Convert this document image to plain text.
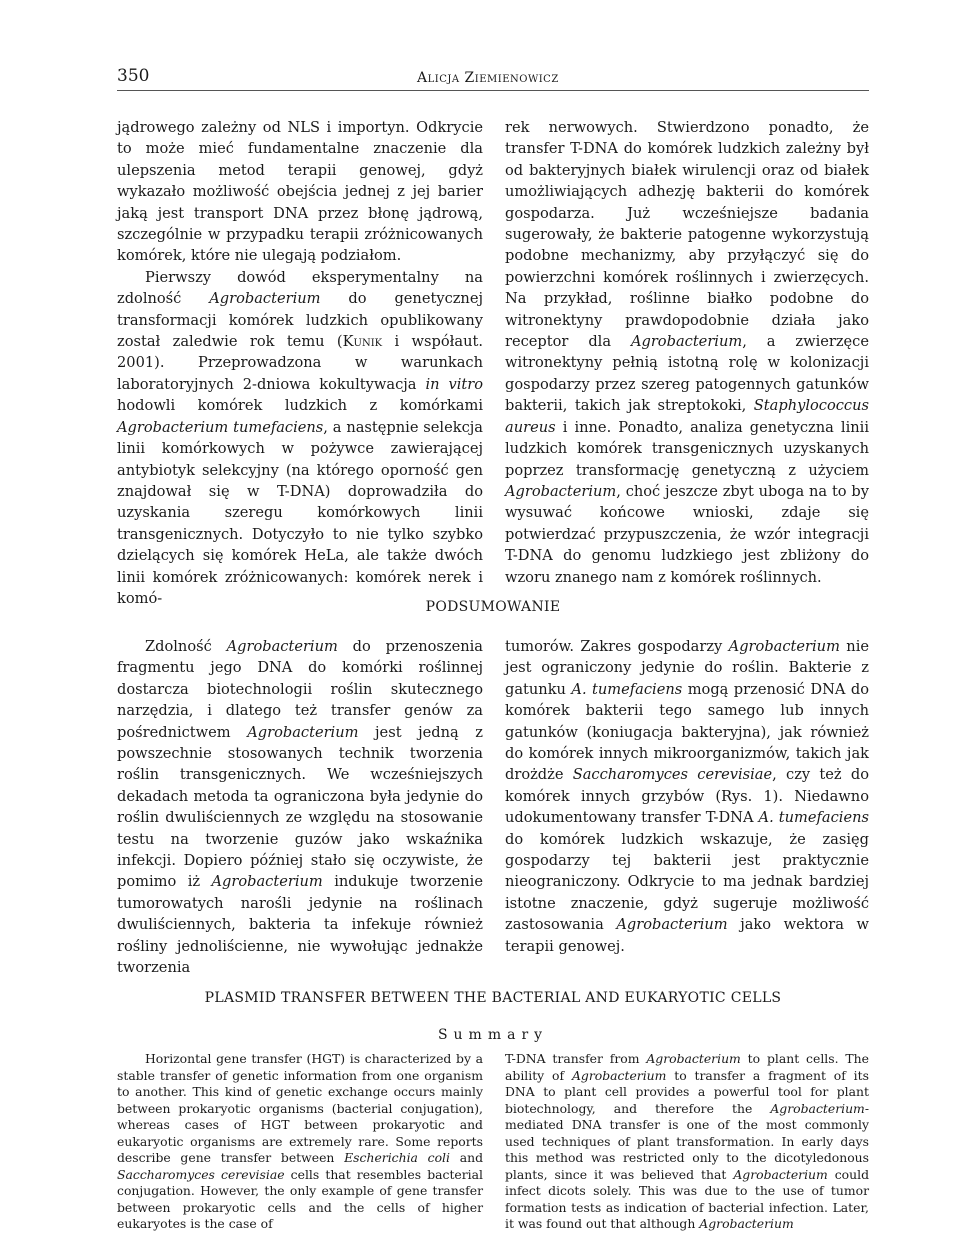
350	Alicja Ziemienowicz

jądrowego zależny od NLS i importyn. Odkrycie to może mieć fundamentalne znaczenie dla ulepszenia metod terapii genowej, gdyż wykazało możliwość obejścia jednej z jej barier jaką jest transport DNA przez błonę jądrową, szczególnie w przypadku terapii zróżnicowanych komórek, które nie ulegają podziałom.

Pierwszy dowód eksperymentalny na zdolność Agrobacterium do genetycznej transformacji komórek ludzkich opublikowany został zaledwie rok temu (Kunik i współaut. 2001). Przeprowadzona w warunkach laboratoryjnych 2-dniowa kokultywacja in vitro hodowli komórek ludzkich z komórkami Agrobacterium tumefaciens, a następnie selekcja linii komórkowych w pożywce zawierającej antybiotyk selekcyjny (na którego oporność gen znajdował się w T-DNA) doprowadziła do uzyskania szeregu komórkowych linii transgenicznych. Dotyczyło to nie tylko szybko dzielących się komórek HeLa, ale także dwóch linii komórek zróżnicowanych: komórek nerek i komó-

rek nerwowych. Stwierdzono ponadto, że transfer T-DNA do komórek ludzkich zależny był od bakteryjnych białek wirulencji oraz od białek umożliwiających adhezję bakterii do komórek gospodarza. Już wcześniejsze badania sugerowały, że bakterie patogenne wykorzystują podobne mechanizmy, aby przyłączyć się do powierzchni komórek roślinnych i zwierzęcych. Na przykład, roślinne białko podobne do witronektyny prawdopodobnie działa jako receptor dla Agrobacterium, a zwierzęce witronektyny pełnią istotną rolę w kolonizacji gospodarzy przez szereg patogennych gatunków bakterii, takich jak streptokoki, Staphylococcus aureus i inne. Ponadto, analiza genetyczna linii ludzkich komórek transgenicznych uzyskanych poprzez transformację genetyczną z użyciem Agrobacterium, choć jeszcze zbyt uboga na to by wysuwać końcowe wnioski, zdaje się potwierdzać przypuszczenia, że wzór integracji T-DNA do genomu ludzkiego jest zbliżony do wzoru znanego nam z komórek roślinnych.

PODSUMOWANIE

Zdolność Agrobacterium do przenoszenia fragmentu jego DNA do komórki roślinnej dostarcza biotechnologii roślin skutecznego narzędzia, i dlatego też transfer genów za pośrednictwem Agrobacterium jest jedną z powszechnie stosowanych technik tworzenia roślin transgenicznych. We wcześniejszych dekadach metoda ta ograniczona była jedynie do roślin dwuliściennych ze względu na stosowanie testu na tworzenie guzów jako wskaźnika infekcji. Dopiero później stało się oczywiste, że pomimo iż Agrobacterium indukuje tworzenie tumorowatych narośli jedynie na roślinach dwuliściennych, bakteria ta infekuje również rośliny jednoliścienne, nie wywołując jednakże tworzenia

tumorów. Zakres gospodarzy Agrobacterium nie jest ograniczony jedynie do roślin. Bakterie z gatunku A. tumefaciens mogą przenosić DNA do komórek bakterii tego samego lub innych gatunków (koniugacja bakteryjna), jak również do komórek innych mikroorganizmów, takich jak drożdże Saccharomyces cerevisiae, czy też do komórek innych grzybów (Rys. 1). Niedawno udokumentowany transfer T-DNA A. tumefaciens do komórek ludzkich wskazuje, że zasięg gospodarzy tej bakterii jest praktycznie nieograniczony. Odkrycie to ma jednak bardziej istotne znaczenie, gdyż sugeruje możliwość zastosowania Agrobacterium jako wektora w terapii genowej.

PLASMID TRANSFER BETWEEN THE BACTERIAL AND EUKARYOTIC CELLS
Summary

Horizontal gene transfer (HGT) is characterized by a stable transfer of genetic information from one organism to another. This kind of genetic exchange occurs mainly between prokaryotic organisms (bacterial conjugation), whereas cases of HGT between prokaryotic and eukaryotic organisms are extremely rare. Some reports describe gene transfer between Escherichia coli and Saccharomyces cerevisiae cells that resembles bacterial conjugation. However, the only example of gene transfer between prokaryotic cells and the cells of higher eukaryotes is the case of

T-DNA transfer from Agrobacterium to plant cells. The ability of Agrobacterium to transfer a fragment of its DNA to plant cell provides a powerful tool for plant biotechnology, and therefore the Agrobacterium-mediated DNA transfer is one of the most commonly used techniques of plant transformation. In early days this method was restricted only to the dicotyledonous plants, since it was believed that Agrobacterium could infect dicots solely. This was due to the use of tumor formation tests as indication of bacterial infection. Later, it was found out that although Agrobacterium
